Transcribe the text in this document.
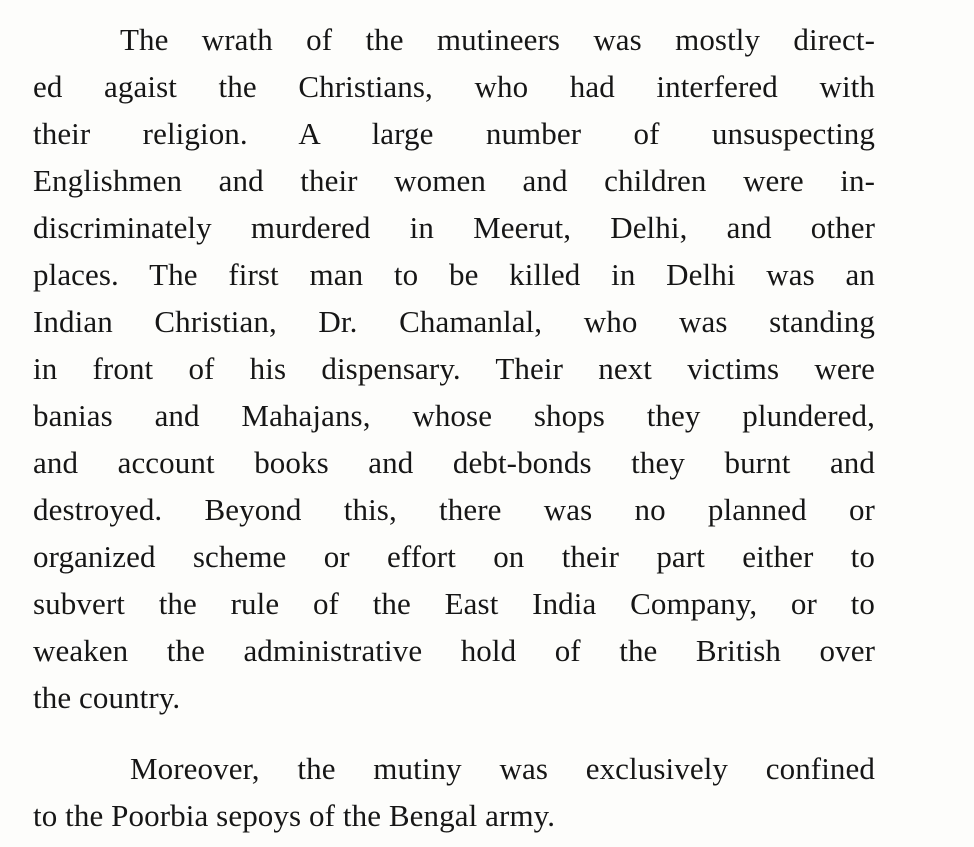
The wrath of the mutineers was mostly direct-
ed agaist the Christians, who had interfered with
their religion. A large number of unsuspecting
Englishmen and their women and children were in-
discriminately murdered in Meerut, Delhi, and other
places. The first man to be killed in Delhi was an
Indian Christian, Dr. Chamanlal, who was standing
in front of his dispensary. Their next victims were
banias and Mahajans, whose shops they plundered,
and account books and debt-bonds they burnt and
destroyed. Beyond this, there was no planned or
organized scheme or effort on their part either to
subvert the rule of the East India Company, or to
weaken the administrative hold of the British over
the country.
Moreover, the mutiny was exclusively confined
to the Poorbia sepoys of the Bengal army.
